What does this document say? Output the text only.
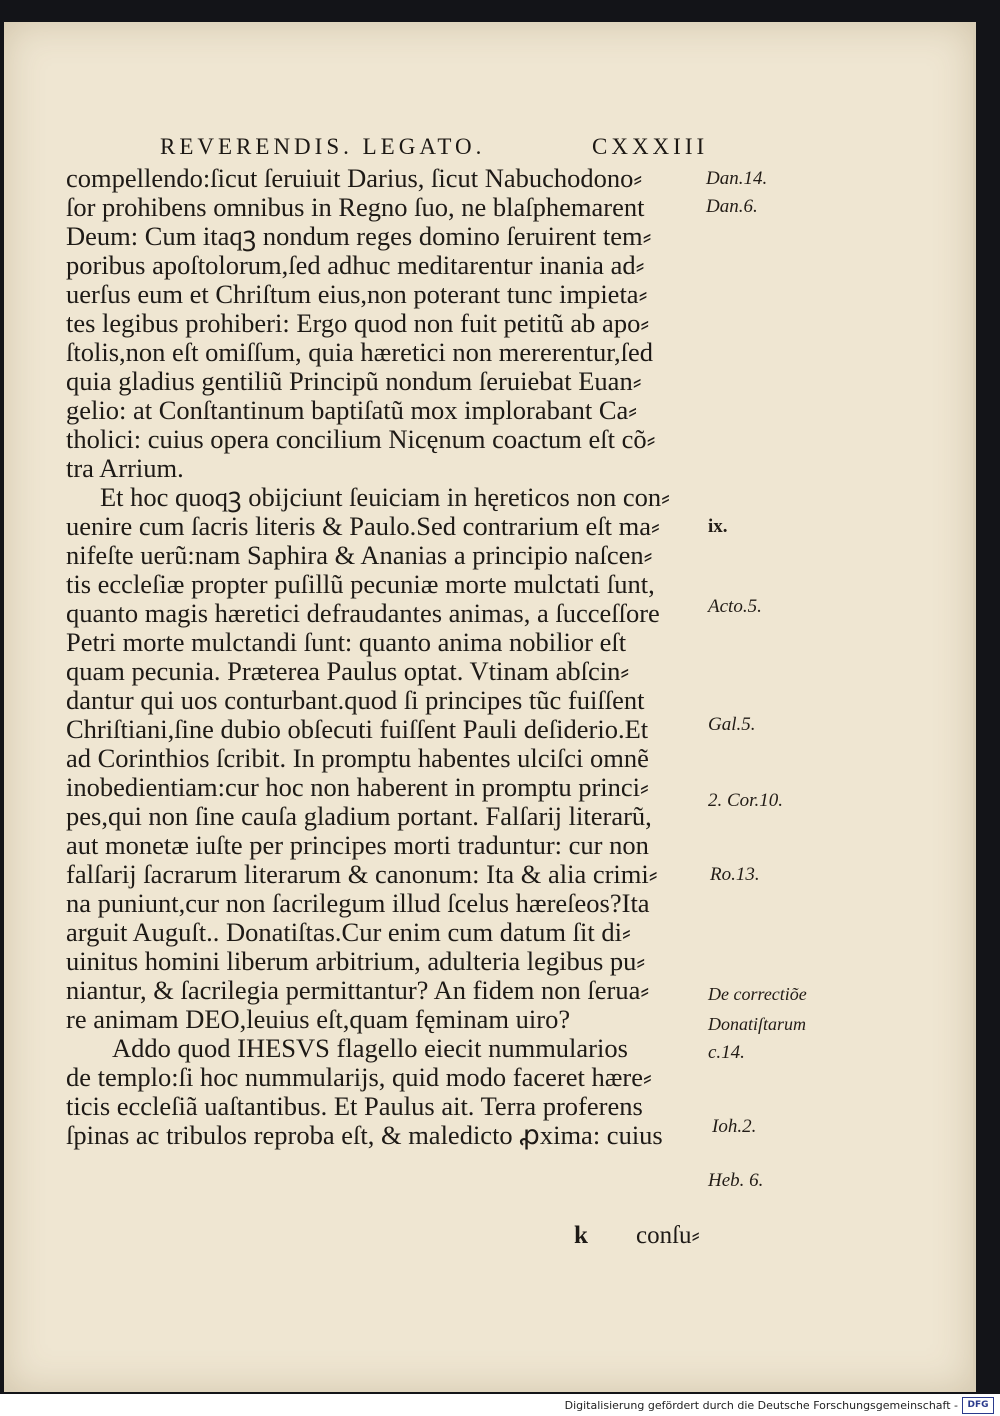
REVERENDIS. LEGATO.	CXXXIII
compellendo:ſicut ſeruiuit Darius, ſicut Nabuchodono⸗
ſor prohibens omnibus in Regno ſuo, ne blaſphemarent
Deum: Cum itaqꝫ nondum reges domino ſeruirent tem⸗
poribus apoſtolorum,ſed adhuc meditarentur inania ad⸗
uerſus eum et Chriſtum eius,non poterant tunc impieta⸗
tes legibus prohiberi: Ergo quod non fuit petitũ ab apo⸗
ſtolis,non eſt omiſſum, quia hæretici non mererentur,ſed
quia gladius gentiliũ Principũ nondum ſeruiebat Euan⸗
gelio: at Conſtantinum baptiſatũ mox implorabant Ca⸗
tholici: cuius opera concilium Nicęnum coactum eſt cõ⸗
tra Arrium.
Et hoc quoqꝫ obijciunt ſeuiciam in hęreticos non con⸗
uenire cum ſacris literis & Paulo.Sed contrarium eſt ma⸗
nifeſte uerũ:nam Saphira & Ananias a principio naſcen⸗
tis eccleſiæ propter puſillũ pecuniæ morte mulctati ſunt,
quanto magis hæretici defraudantes animas, a ſucceſſore
Petri morte mulctandi ſunt: quanto anima nobilior eſt
quam pecunia. Præterea Paulus optat. Vtinam abſcin⸗
dantur qui uos conturbant.quod ſi principes tũc fuiſſent
Chriſtiani,ſine dubio obſecuti fuiſſent Pauli deſiderio.Et
ad Corinthios ſcribit. In promptu habentes ulciſci omnẽ
inobedientiam:cur hoc non haberent in promptu princi⸗
pes,qui non ſine cauſa gladium portant. Falſarij literarũ,
aut monetæ iuſte per principes morti traduntur: cur non
falſarij ſacrarum literarum & canonum: Ita & alia crimi⸗
na puniunt,cur non ſacrilegum illud ſcelus hæreſeos?Ita
arguit Auguſt.. Donatiſtas.Cur enim cum datum ſit di⸗
uinitus homini liberum arbitrium, adulteria legibus pu⸗
niantur, & ſacrilegia permittantur? An fidem non ſerua⸗
re animam DEO,leuius eſt,quam fęminam uiro?
Addo quod IHESVS flagello eiecit nummularios
de templo:ſi hoc nummularijs, quid modo faceret hære⸗
ticis eccleſiã uaſtantibus. Et Paulus ait. Terra proferens
ſpinas ac tribulos reproba eſt, & maledicto ꝓxima: cuius
Dan.14.
Dan.6.
ix.
Acto.5.
Gal.5.
2. Cor.10.
Ro.13.
De correctiõe
Donatiſtarum
c.14.
Ioh.2.
Heb. 6.
k conſu⸗
Digitalisierung gefördert durch die Deutsche Forschungsgemeinschaft -	DFG
